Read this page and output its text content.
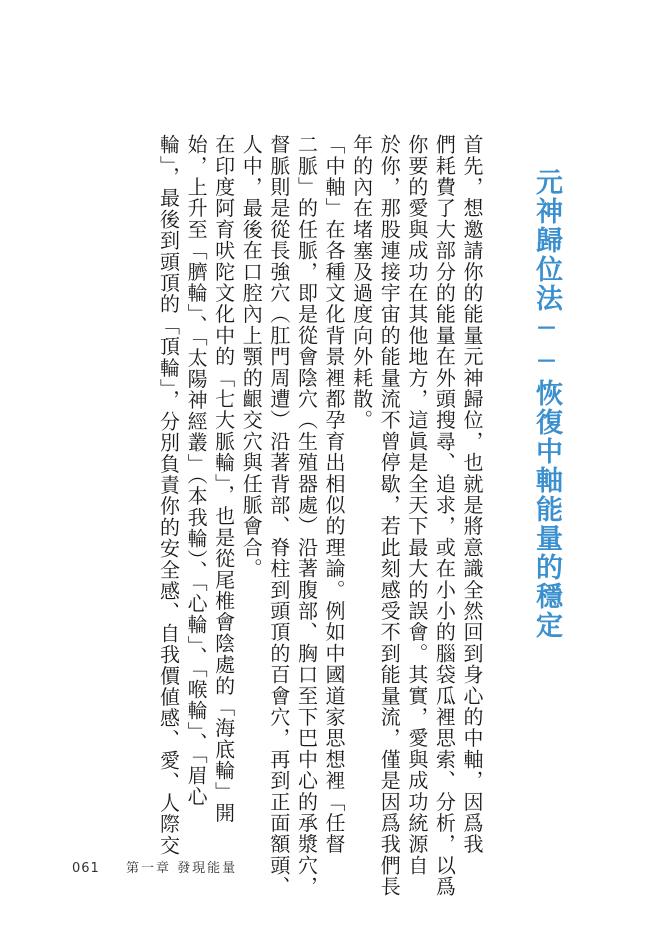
元神歸位法──恢復中軸能量的穩定

首先，想邀請你的能量元神歸位，也就是將意識全然回到身心的中軸，因爲我

們耗費了大部分的能量在外頭搜尋、追求，或在小小的腦袋瓜裡思索、分析，以爲

你要的愛與成功在其他地方，這眞是全天下最大的誤會。其實，愛與成功統源自

於你，那股連接宇宙的能量流不曾停歇，若此刻感受不到能量流，僅是因爲我們長

年的內在堵塞及過度向外耗散。

「中軸」在各種文化背景裡都孕育出相似的理論。例如中國道家思想裡「任督

二脈」的任脈，即是從會陰穴（生殖器處）沿著腹部、胸口至下巴中心的承漿穴，

督脈則是從長強穴（肛門周遭）沿著背部、脊柱到頭頂的百會穴，再到正面額頭、

人中，最後在口腔內上顎的齦交穴與任脈會合。

在印度阿育吠陀文化中的「七大脈輪」，也是從尾椎會陰處的「海底輪」開

始，上升至「臍輪」、「太陽神經叢」（本我輪）、「心輪」、「喉輪」、「眉心

輪」，最後到頭頂的「頂輪」，分別負責你的安全感、自我價値感、愛、人際交

061 第一章 發現能量
